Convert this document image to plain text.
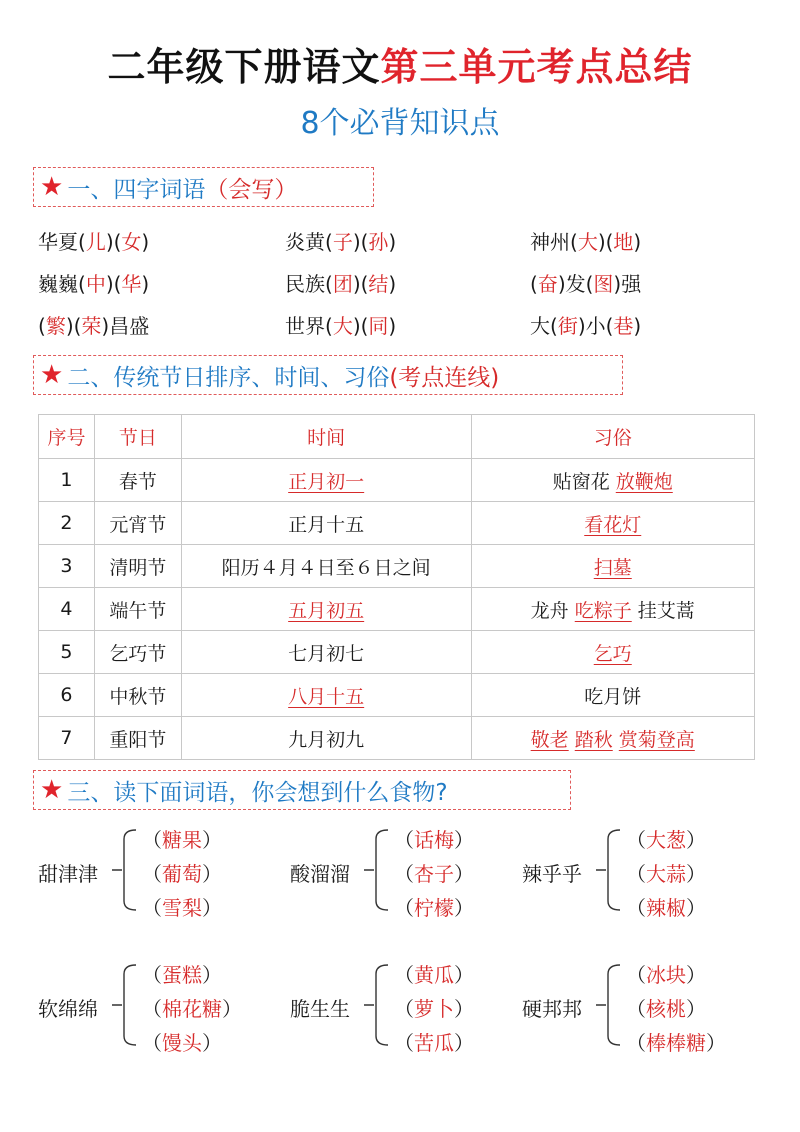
二年级下册语文第三单元考点总结
8个必背知识点
★ 一、四字词语 （会写）
华夏(儿)(女)	炎黄(子)(孙)	神州(大)(地)
巍巍(中)(华)	民族(团)(结)	(奋)发(图)强
(繁)(荣)昌盛	世界(大)(同)	大(街)小(巷)
★ 二、传统节日排序、时间、习俗 (考点连线)
序号	节日	时间	习俗
1	春节	正月初一	贴窗花 放鞭炮
2	元宵节	正月十五	看花灯
3	清明节	阳历４月４日至６日之间	扫墓
4	端午节	五月初五	龙舟 吃粽子 挂艾蒿
5	乞巧节	七月初七	乞巧
6	中秋节	八月十五	吃月饼
7	重阳节	九月初九	敬老 踏秋 赏菊登高
★ 三、读下面词语，你会想到什么食物?
甜津津
（糖果）
（葡萄）
（雪梨）
酸溜溜
（话梅）
（杏子）
（柠檬）
辣乎乎
（大葱）
（大蒜）
（辣椒）
软绵绵
（蛋糕）
（棉花糖）
（馒头）
脆生生
（黄瓜）
（萝卜）
（苦瓜）
硬邦邦
（冰块）
（核桃）
（棒棒糖）
